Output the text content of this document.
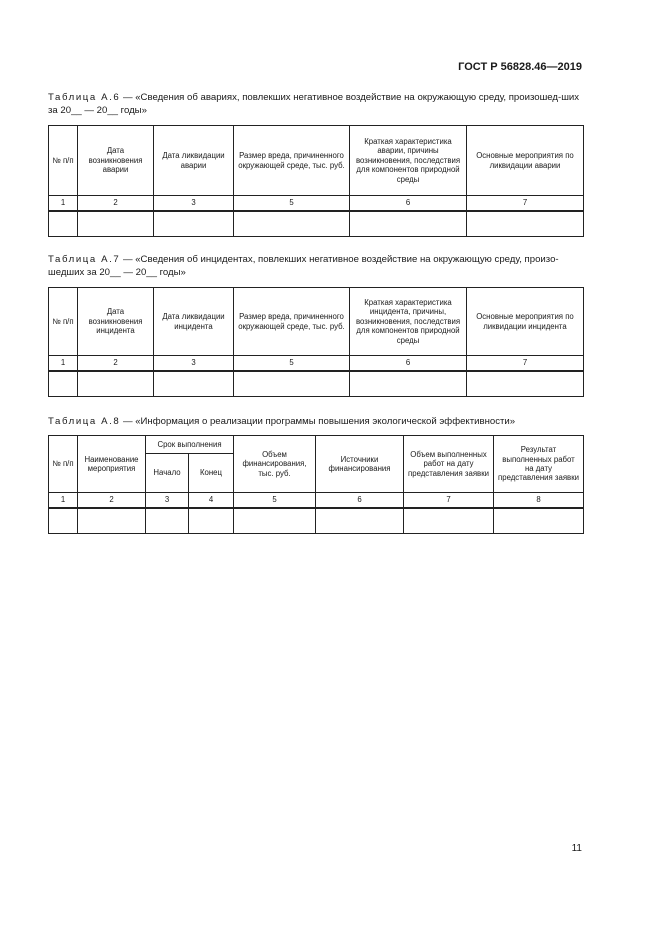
ГОСТ Р 56828.46—2019
Таблица А.6 — «Сведения об авариях, повлекших негативное воздействие на окружающую среду, произошед-ших за 20__ — 20__ годы»
№ п/п	Дата возникновения аварии	Дата ликвидации аварии	Размер вреда, причиненного окружающей среде, тыс. руб.	Краткая характеристика аварии, причины возникновения, последствия для компонентов природной среды	Основные мероприятия по ликвидации аварии
1	2	3	5	6	7

Таблица А.7 — «Сведения об инцидентах, повлекших негативное воздействие на окружающую среду, произо-шедших за 20__ — 20__ годы»
№ п/п	Дата возникновения инцидента	Дата ликвидации инцидента	Размер вреда, причиненного окружающей среде, тыс. руб.	Краткая характеристика инцидента, причины, возникновения, последствия для компонентов природной среды	Основные мероприятия по ликвидации инцидента
1	2	3	5	6	7

Таблица А.8 — «Информация о реализации программы повышения экологической эффективности»
№ п/п	Наименование мероприятия	Срок выполнения		Объем финансирования, тыс. руб.	Источники финансирования	Объем выполненных работ на дату представления заявки	Результат выполненных работ на дату представления заявки
		Начало	Конец				
1	2	3	4	5	6	7	8

11
